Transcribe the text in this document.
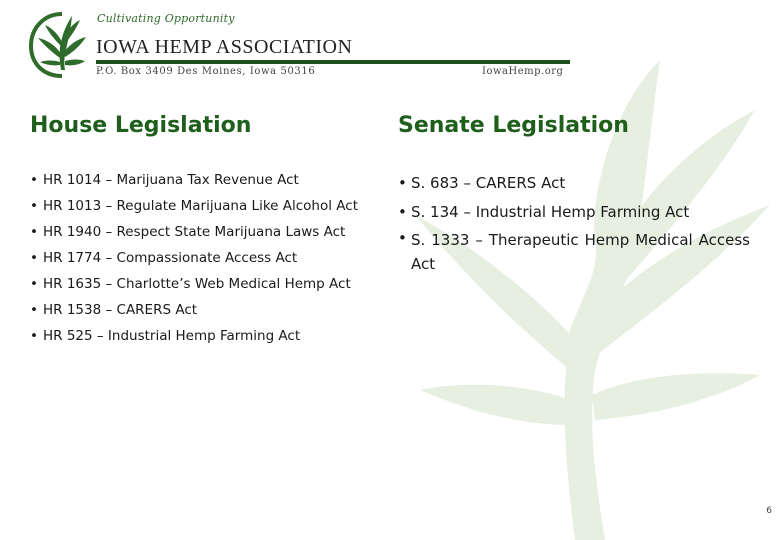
Cultivating Opportunity
IOWA HEMP ASSOCIATION
P.O. Box 3409 Des Moines, Iowa 50316	IowaHemp.org
House Legislation	Senate Legislation
• HR 1014 – Marijuana Tax Revenue Act
• HR 1013 – Regulate Marijuana Like Alcohol Act
• HR 1940 – Respect State Marijuana Laws Act
• HR 1774 – Compassionate Access Act
• HR 1635 – Charlotte’s Web Medical Hemp Act
• HR 1538 – CARERS Act
• HR 525 – Industrial Hemp Farming Act
• S. 683 – CARERS Act
• S. 134 – Industrial Hemp Farming Act
• S. 1333 – Therapeutic Hemp Medical Access Act
6
